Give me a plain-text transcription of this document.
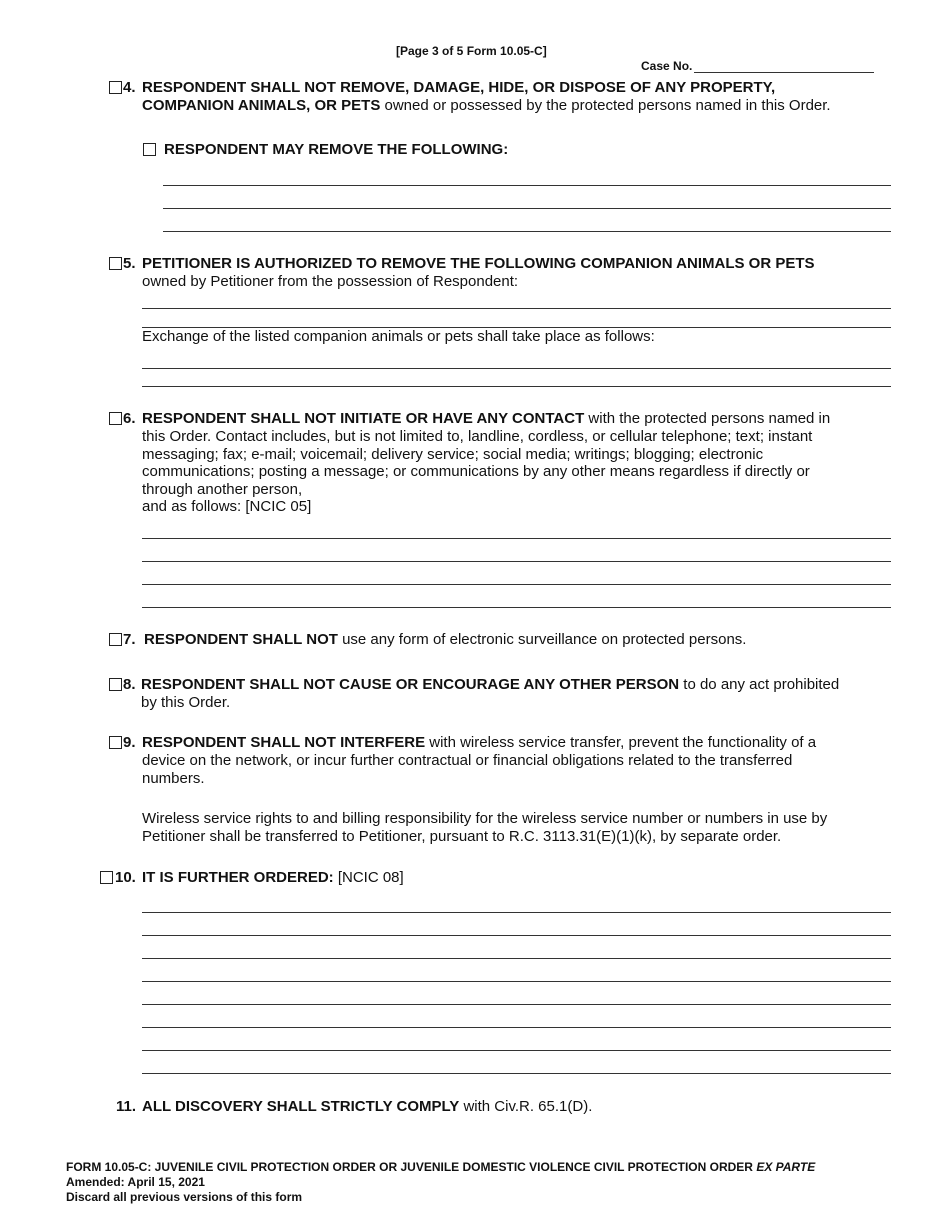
[Page 3 of 5 Form 10.05-C]
Case No.
4. RESPONDENT SHALL NOT REMOVE, DAMAGE, HIDE, OR DISPOSE OF ANY PROPERTY,
COMPANION ANIMALS, OR PETS owned or possessed by the protected persons named in this Order.
RESPONDENT MAY REMOVE THE FOLLOWING:
5. PETITIONER IS AUTHORIZED TO REMOVE THE FOLLOWING COMPANION ANIMALS OR PETS
owned by Petitioner from the possession of Respondent:
Exchange of the listed companion animals or pets shall take place as follows:
6. RESPONDENT SHALL NOT INITIATE OR HAVE ANY CONTACT with the protected persons named in
this Order. Contact includes, but is not limited to, landline, cordless, or cellular telephone; text; instant
messaging; fax; e-mail; voicemail; delivery service; social media; writings; blogging; electronic
communications; posting a message; or communications by any other means regardless if directly or
through another person,
and as follows: [NCIC 05]
7. RESPONDENT SHALL NOT use any form of electronic surveillance on protected persons.
8. RESPONDENT SHALL NOT CAUSE OR ENCOURAGE ANY OTHER PERSON to do any act prohibited
by this Order.
9. RESPONDENT SHALL NOT INTERFERE with wireless service transfer, prevent the functionality of a
device on the network, or incur further contractual or financial obligations related to the transferred
numbers.
Wireless service rights to and billing responsibility for the wireless service number or numbers in use by
Petitioner shall be transferred to Petitioner, pursuant to R.C. 3113.31(E)(1)(k), by separate order.
10. IT IS FURTHER ORDERED: [NCIC 08]
11. ALL DISCOVERY SHALL STRICTLY COMPLY with Civ.R. 65.1(D).
FORM 10.05-C: JUVENILE CIVIL PROTECTION ORDER OR JUVENILE DOMESTIC VIOLENCE CIVIL PROTECTION ORDER EX PARTE
Amended: April 15, 2021
Discard all previous versions of this form
